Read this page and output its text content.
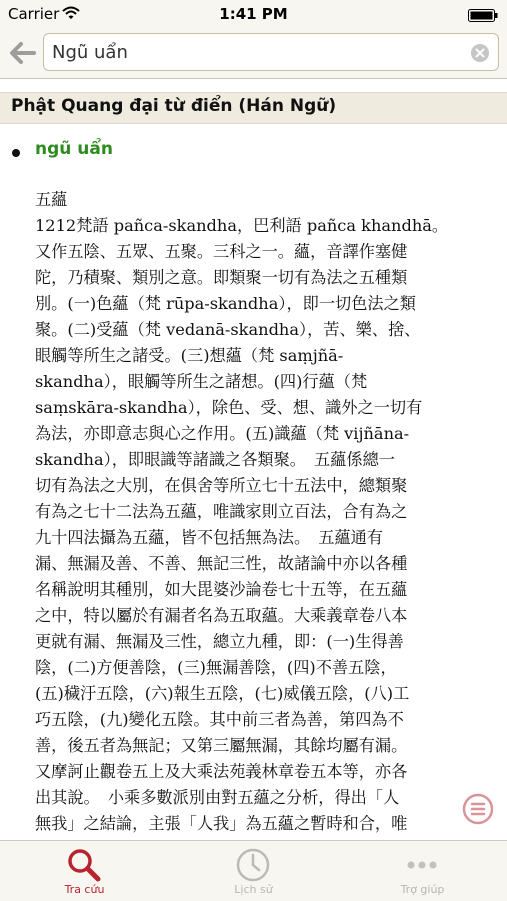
Carrier	1:41 PM
Ngũ uẩn
Phật Quang đại từ điển (Hán Ngữ)
ngũ uẩn
五蘊
1212梵語 pañca-skandha，巴利語 pañca khandhā。
又作五陰、五眾、五聚。三科之一。蘊，音譯作塞健
陀，乃積聚、類別之意。即類聚一切有為法之五種類
別。(一)色蘊（梵 rūpa-skandha），即一切色法之類
聚。(二)受蘊（梵 vedanā-skandha），苦、樂、捨、
眼觸等所生之諸受。(三)想蘊（梵 saṃjñā-
skandha），眼觸等所生之諸想。(四)行蘊（梵
saṃskāra-skandha），除色、受、想、識外之一切有
為法，亦即意志與心之作用。(五)識蘊（梵 vijñāna-
skandha），即眼識等諸識之各類聚。　五蘊係總一
切有為法之大別，在俱舍等所立七十五法中，總類聚
有為之七十二法為五蘊，唯識家則立百法，合有為之
九十四法攝為五蘊，皆不包括無為法。　五蘊通有
漏、無漏及善、不善、無記三性，故諸論中亦以各種
名稱說明其種別，如大毘婆沙論卷七十五等，在五蘊
之中，特以屬於有漏者名為五取蘊。大乘義章卷八本
更就有漏、無漏及三性，總立九種，即：(一)生得善
陰，(二)方便善陰，(三)無漏善陰，(四)不善五陰，
(五)穢汙五陰，(六)報生五陰，(七)威儀五陰，(八)工
巧五陰，(九)變化五陰。其中前三者為善，第四為不
善，後五者為無記；又第三屬無漏，其餘均屬有漏。
又摩訶止觀卷五上及大乘法苑義林章卷五本等，亦各
出其說。　小乘多數派別由對五蘊之分析，得出「人
無我」之結論，主張「人我」為五蘊之暫時和合，唯
Tra cứu	Lịch sử	Trợ giúp
